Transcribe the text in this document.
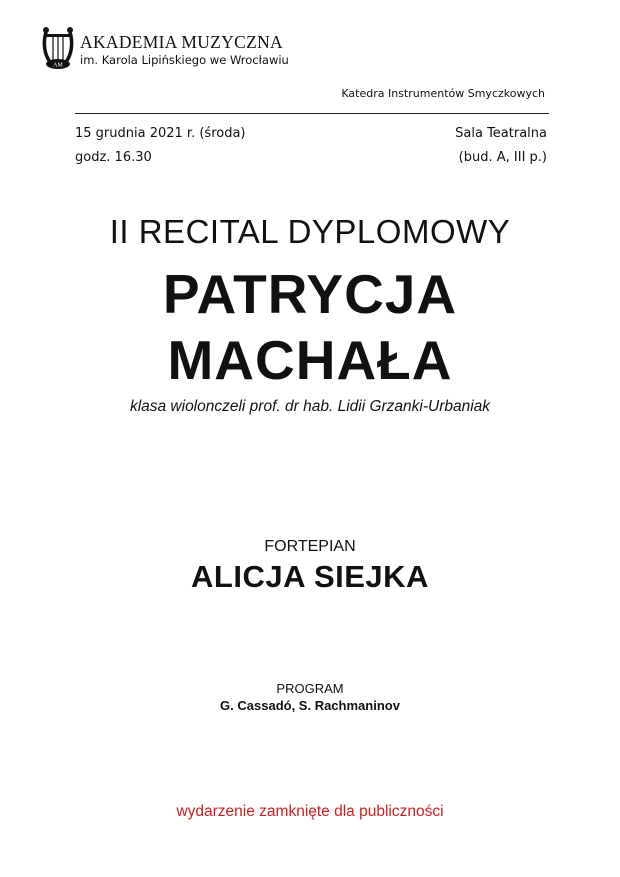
AM
AKADEMIA MUZYCZNA
im. Karola Lipińskiego we Wrocławiu
Katedra Instrumentów Smyczkowych
15 grudnia 2021 r. (środa)
godz. 16.30
Sala Teatralna
(bud. A, III p.)
II RECITAL DYPLOMOWY
PATRYCJA
MACHAŁA
klasa wiolonczeli prof. dr hab. Lidii Grzanki-Urbaniak
FORTEPIAN
ALICJA SIEJKA
PROGRAM
G. Cassadó, S. Rachmaninov
wydarzenie zamknięte dla publiczności
